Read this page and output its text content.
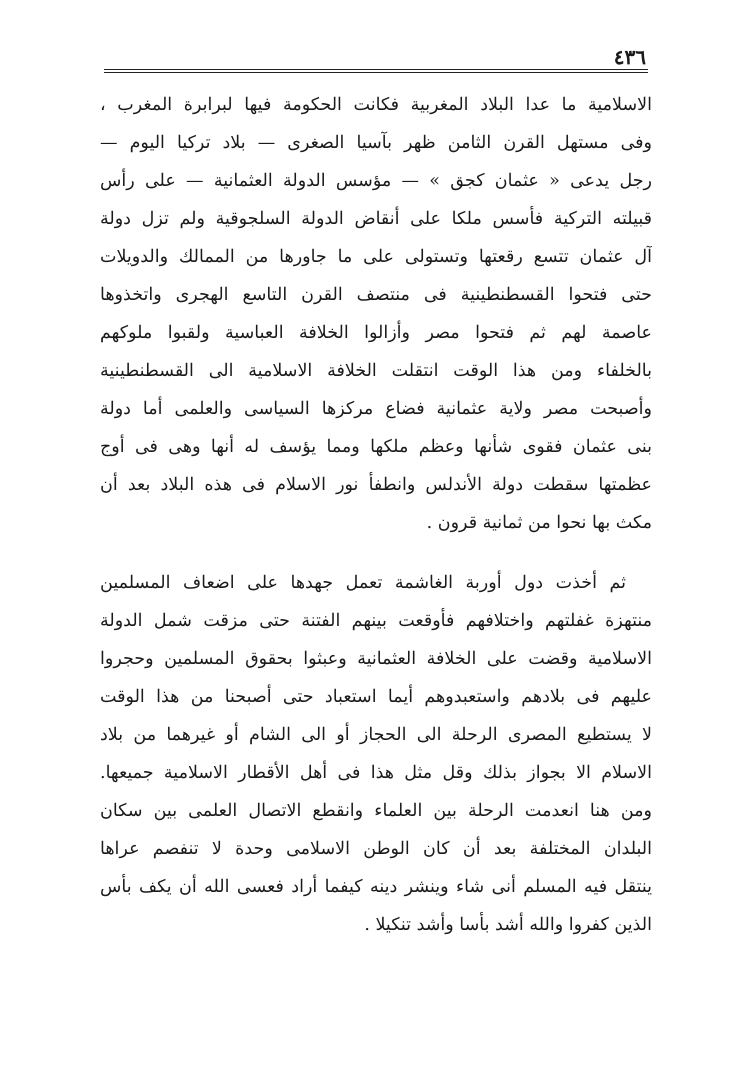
٤٣٦
الاسلامية ما عدا البلاد المغربية فكانت الحكومة فيها لبرابرة المغرب ،
وفى مستهل القرن الثامن ظهر بآسيا الصغرى — بلاد تركيا اليوم —
رجل يدعى « عثمان كجق » — مؤسس الدولة العثمانية — على رأس
قبيلته التركية فأسس ملكا على أنقاض الدولة السلجوقية ولم تزل دولة
آل عثمان تتسع رقعتها وتستولى على ما جاورها من الممالك والدويلات
حتى فتحوا القسطنطينية فى منتصف القرن التاسع الهجرى واتخذوها
عاصمة لهم ثم فتحوا مصر وأزالوا الخلافة العباسية ولقبوا ملوكهم
بالخلفاء ومن هذا الوقت انتقلت الخلافة الاسلامية الى القسطنطينية
وأصبحت مصر ولاية عثمانية فضاع مركزها السياسى والعلمى أما دولة
بنى عثمان فقوى شأنها وعظم ملكها ومما يؤسف له أنها وهى فى أوج
عظمتها سقطت دولة الأندلس وانطفأ نور الاسلام فى هذه البلاد بعد أن
مكث بها نحوا من ثمانية قرون .
ثم أخذت دول أوربة الغاشمة تعمل جهدها على اضعاف المسلمين
منتهزة غفلتهم واختلافهم فأوقعت بينهم الفتنة حتى مزقت شمل الدولة
الاسلامية وقضت على الخلافة العثمانية وعبثوا بحقوق المسلمين وحجروا
عليهم فى بلادهم واستعبدوهم أيما استعباد حتى أصبحنا من هذا الوقت
لا يستطيع المصرى الرحلة الى الحجاز أو الى الشام أو غيرهما من بلاد
الاسلام الا بجواز بذلك وقل مثل هذا فى أهل الأقطار الاسلامية جميعها.
ومن هنا انعدمت الرحلة بين العلماء وانقطع الاتصال العلمى بين سكان
البلدان المختلفة بعد أن كان الوطن الاسلامى وحدة لا تنفصم عراها
ينتقل فيه المسلم أنى شاء وينشر دينه كيفما أراد فعسى الله أن يكف بأس
الذين كفروا والله أشد بأسا وأشد تنكيلا .
